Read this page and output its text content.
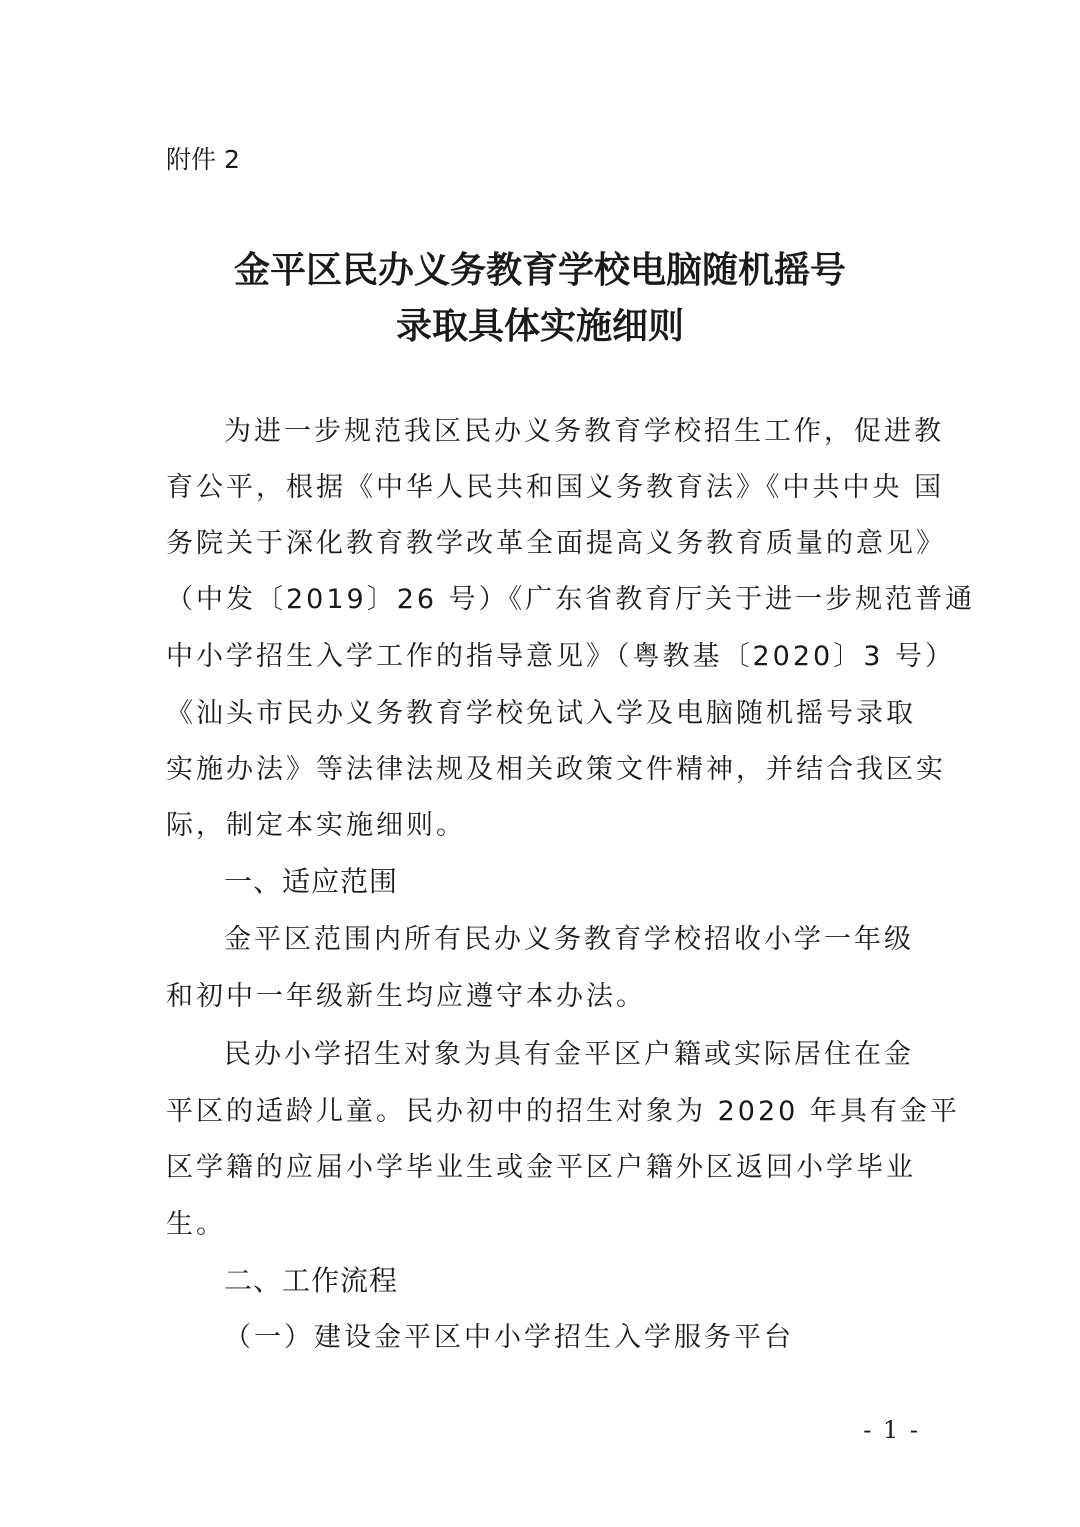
附件 2
金平区民办义务教育学校电脑随机摇号
录取具体实施细则
为进一步规范我区民办义务教育学校招生工作，促进教
育公平，根据《中华人民共和国义务教育法》《中共中央 国
务院关于深化教育教学改革全面提高义务教育质量的意见》
（中发〔2019〕26 号）《广东省教育厅关于进一步规范普通
中小学招生入学工作的指导意见》（粤教基〔2020〕3 号）
《汕头市民办义务教育学校免试入学及电脑随机摇号录取
实施办法》等法律法规及相关政策文件精神，并结合我区实
际，制定本实施细则。
一、适应范围
金平区范围内所有民办义务教育学校招收小学一年级
和初中一年级新生均应遵守本办法。
民办小学招生对象为具有金平区户籍或实际居住在金
平区的适龄儿童。民办初中的招生对象为 2020 年具有金平
区学籍的应届小学毕业生或金平区户籍外区返回小学毕业
生。
二、工作流程
（一）建设金平区中小学招生入学服务平台
- 1 -
